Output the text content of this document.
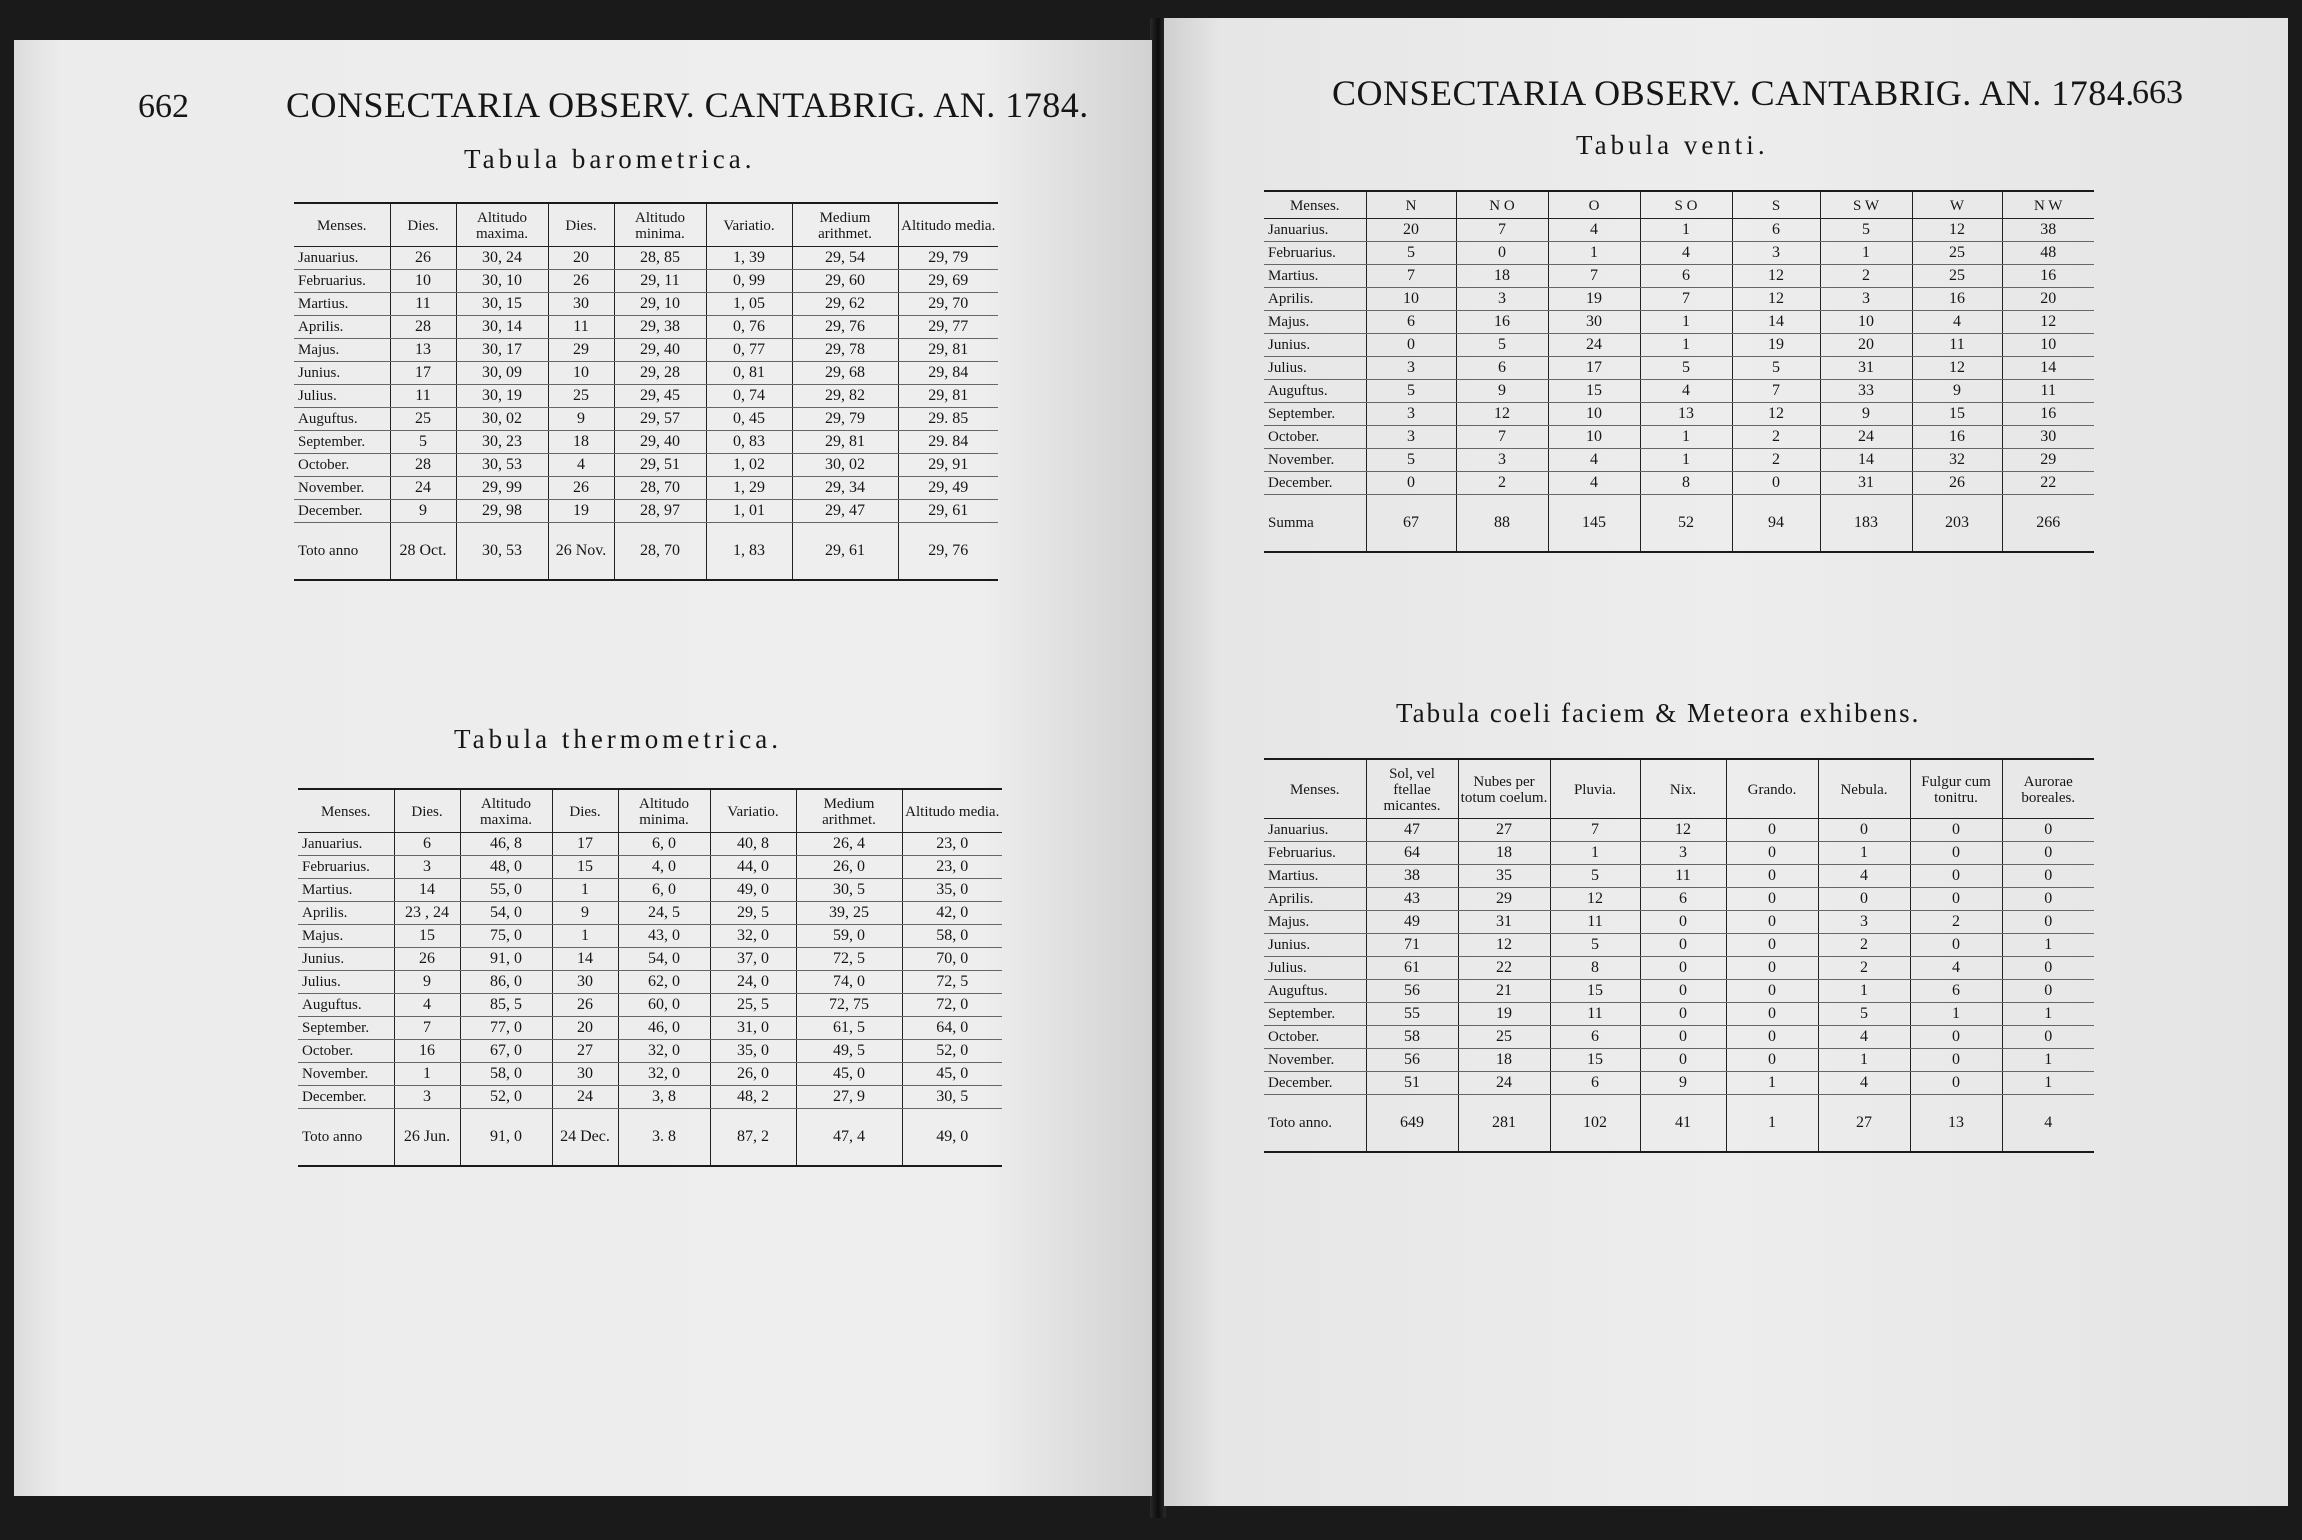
662	CONSECTARIA OBSERV. CANTABRIG. AN. 1784.
Tabula barometrica.
Menses.	Dies.	Altitudo maxima.	Dies.	Altitudo minima.	Variatio.	Medium arithmet.	Altitudo media.
Januarius.	26	30, 24	20	28, 85	1, 39	29, 54	29, 79
Februarius.	10	30, 10	26	29, 11	0, 99	29, 60	29, 69
Martius.	11	30, 15	30	29, 10	1, 05	29, 62	29, 70
Aprilis.	28	30, 14	11	29, 38	0, 76	29, 76	29, 77
Majus.	13	30, 17	29	29, 40	0, 77	29, 78	29, 81
Junius.	17	30, 09	10	29, 28	0, 81	29, 68	29, 84
Julius.	11	30, 19	25	29, 45	0, 74	29, 82	29, 81
Auguftus.	25	30, 02	9	29, 57	0, 45	29, 79	29. 85
September.	5	30, 23	18	29, 40	0, 83	29, 81	29. 84
October.	28	30, 53	4	29, 51	1, 02	30, 02	29, 91
November.	24	29, 99	26	28, 70	1, 29	29, 34	29, 49
December.	9	29, 98	19	28, 97	1, 01	29, 47	29, 61
Toto anno	28 Oct.	30, 53	26 Nov.	28, 70	1, 83	29, 61	29, 76
Tabula thermometrica.
Menses.	Dies.	Altitudo maxima.	Dies.	Altitudo minima.	Variatio.	Medium arithmet.	Altitudo media.
Januarius.	6	46, 8	17	6, 0	40, 8	26, 4	23, 0
Februarius.	3	48, 0	15	4, 0	44, 0	26, 0	23, 0
Martius.	14	55, 0	1	6, 0	49, 0	30, 5	35, 0
Aprilis.	23 , 24	54, 0	9	24, 5	29, 5	39, 25	42, 0
Majus.	15	75, 0	1	43, 0	32, 0	59, 0	58, 0
Junius.	26	91, 0	14	54, 0	37, 0	72, 5	70, 0
Julius.	9	86, 0	30	62, 0	24, 0	74, 0	72, 5
Auguftus.	4	85, 5	26	60, 0	25, 5	72, 75	72, 0
September.	7	77, 0	20	46, 0	31, 0	61, 5	64, 0
October.	16	67, 0	27	32, 0	35, 0	49, 5	52, 0
November.	1	58, 0	30	32, 0	26, 0	45, 0	45, 0
December.	3	52, 0	24	3, 8	48, 2	27, 9	30, 5
Toto anno	26 Jun.	91, 0	24 Dec.	3. 8	87, 2	47, 4	49, 0
CONSECTARIA OBSERV. CANTABRIG. AN. 1784.
663
Tabula venti.
Menses.	N	N O	O	S O	S	S W	W	N W
Januarius.	20	7	4	1	6	5	12	38
Februarius.	5	0	1	4	3	1	25	48
Martius.	7	18	7	6	12	2	25	16
Aprilis.	10	3	19	7	12	3	16	20
Majus.	6	16	30	1	14	10	4	12
Junius.	0	5	24	1	19	20	11	10
Julius.	3	6	17	5	5	31	12	14
Auguftus.	5	9	15	4	7	33	9	11
September.	3	12	10	13	12	9	15	16
October.	3	7	10	1	2	24	16	30
November.	5	3	4	1	2	14	32	29
December.	0	2	4	8	0	31	26	22
Summa	67	88	145	52	94	183	203	266
Tabula coeli faciem & Meteora exhibens.
Menses.	Sol, vel ftellae micantes.	Nubes per totum coelum.	Pluvia.	Nix.	Grando.	Nebula.	Fulgur cum tonitru.	Aurorae boreales.
Januarius.	47	27	7	12	0	0	0	0
Februarius.	64	18	1	3	0	1	0	0
Martius.	38	35	5	11	0	4	0	0
Aprilis.	43	29	12	6	0	0	0	0
Majus.	49	31	11	0	0	3	2	0
Junius.	71	12	5	0	0	2	0	1
Julius.	61	22	8	0	0	2	4	0
Auguftus.	56	21	15	0	0	1	6	0
September.	55	19	11	0	0	5	1	1
October.	58	25	6	0	0	4	0	0
November.	56	18	15	0	0	1	0	1
December.	51	24	6	9	1	4	0	1
Toto anno.	649	281	102	41	1	27	13	4
